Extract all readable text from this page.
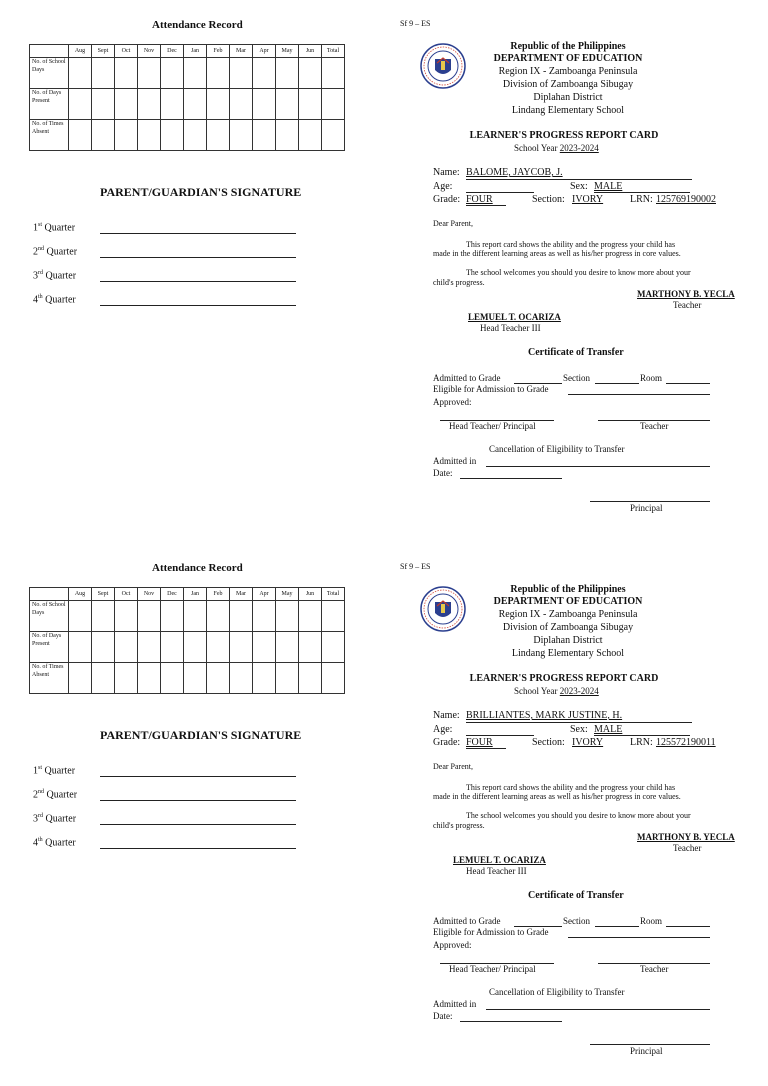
Attendance Record
	Aug	Sept	Oct	Nov	Dec	Jan	Feb	Mar	Apr	May	Jun	Total
No. of School Days												
No. of Days Present												
No. of Times Absent												
PARENT/GUARDIAN'S SIGNATURE
1st Quarter
2nd Quarter
3rd Quarter
4th Quarter
Sf 9 – ES
Republic of the Philippines
DEPARTMENT OF EDUCATION
Region IX - Zamboanga Peninsula
Division of Zamboanga Sibugay
Diplahan District
Lindang Elementary School
LEARNER'S PROGRESS REPORT CARD
School Year 2023-2024
Name: BALOME, JAYCOB, J.
Age:	Sex: MALE
Grade: FOUR	Section: IVORY	LRN: 125769190002
Dear Parent,
This report card shows the ability and the progress your child has
made in the different learning areas as well as his/her progress in core values.
The school welcomes you should you desire to know more about your
child's progress.
MARTHONY B. YECLA
Teacher
LEMUEL T. OCARIZA
Head Teacher III
Certificate of Transfer
Admitted to Grade	Section	Room
Eligible for Admission to Grade
Approved:
Head Teacher/ Principal	Teacher
Cancellation of Eligibility to Transfer
Admitted in
Date:
Principal
Attendance Record
	Aug	Sept	Oct	Nov	Dec	Jan	Feb	Mar	Apr	May	Jun	Total
No. of School Days												
No. of Days Present												
No. of Times Absent												
PARENT/GUARDIAN'S SIGNATURE
1st Quarter
2nd Quarter
3rd Quarter
4th Quarter
Sf 9 – ES
Republic of the Philippines
DEPARTMENT OF EDUCATION
Region IX - Zamboanga Peninsula
Division of Zamboanga Sibugay
Diplahan District
Lindang Elementary School
LEARNER'S PROGRESS REPORT CARD
School Year 2023-2024
Name: BRILLIANTES, MARK JUSTINE, H.
Age:	Sex: MALE
Grade: FOUR	Section: IVORY	LRN: 125572190011
Dear Parent,
This report card shows the ability and the progress your child has
made in the different learning areas as well as his/her progress in core values.
The school welcomes you should you desire to know more about your
child's progress.
MARTHONY B. YECLA
Teacher
LEMUEL T. OCARIZA
Head Teacher III
Certificate of Transfer
Admitted to Grade	Section	Room
Eligible for Admission to Grade
Approved:
Head Teacher/ Principal	Teacher
Cancellation of Eligibility to Transfer
Admitted in
Date:
Principal
